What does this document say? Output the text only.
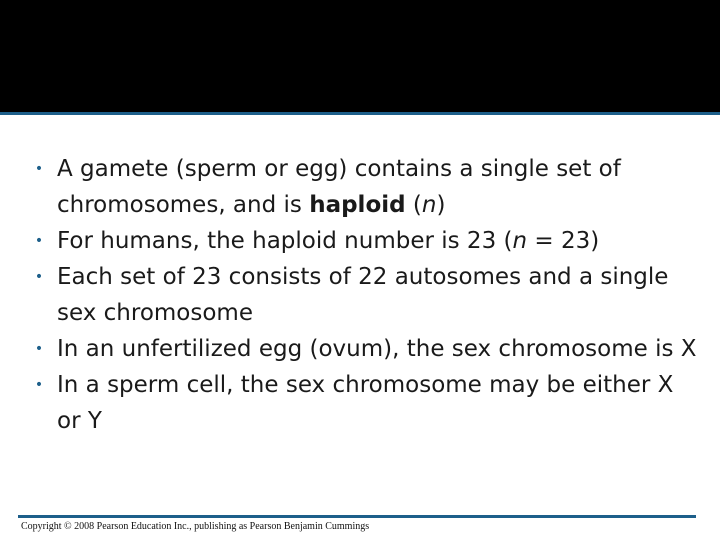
• A gamete (sperm or egg) contains a single set of chromosomes, and is haploid (n)
• For humans, the haploid number is 23 (n = 23)
• Each set of 23 consists of 22 autosomes and a single sex chromosome
• In an unfertilized egg (ovum), the sex chromosome is X
• In a sperm cell, the sex chromosome may be either X or Y
Copyright © 2008 Pearson Education Inc., publishing as Pearson Benjamin Cummings
